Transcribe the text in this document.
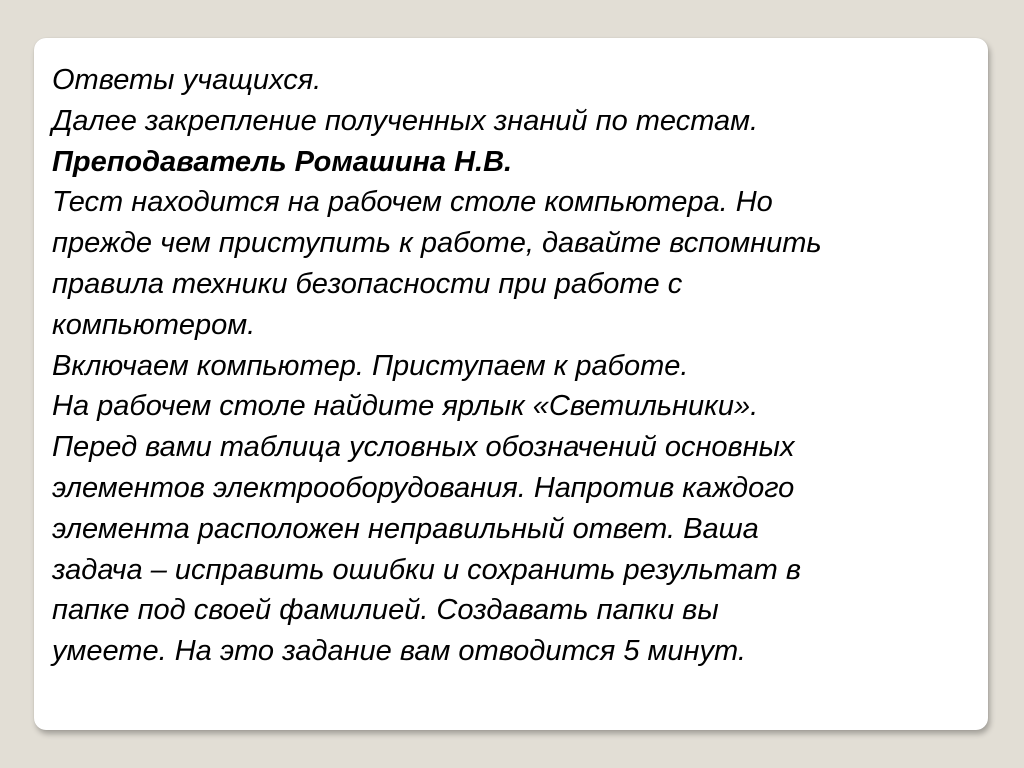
Ответы учащихся.
Далее закрепление полученных знаний по тестам.
Преподаватель Ромашина Н.В.
Тест находится на рабочем столе компьютера. Но
прежде чем приступить к работе, давайте вспомнить
правила техники безопасности при работе с
компьютером.
Включаем компьютер. Приступаем к работе.
На рабочем столе найдите ярлык «Светильники».
Перед вами таблица условных обозначений основных
элементов электрооборудования. Напротив каждого
элемента расположен неправильный ответ. Ваша
задача – исправить ошибки и сохранить результат в
папке под своей фамилией. Создавать папки вы
умеете. На это задание вам отводится 5 минут.
